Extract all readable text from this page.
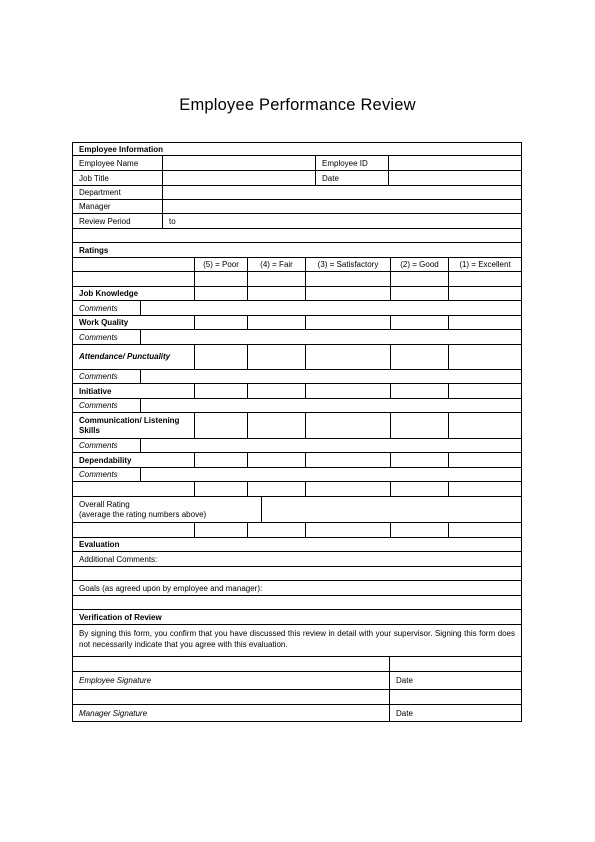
Employee Performance Review
Employee Information
Employee Name	Employee ID
Job Title	Date
Department
Manager
Review Period	to
Ratings
(5) = Poor	(4) = Fair	(3) = Satisfactory	(2) = Good	(1) = Excellent
Job Knowledge
Comments
Work Quality
Comments
Attendance/ Punctuality
Comments
Initiative
Comments
Communication/ Listening Skills
Comments
Dependability
Comments
Overall Rating
(average the rating numbers above)
Evaluation
Additional Comments:
Goals (as agreed upon by employee and manager):
Verification of Review
By signing this form, you confirm that you have discussed this review in detail with your supervisor. Signing this form does not necessarily indicate that you agree with this evaluation.
Employee Signature	Date
Manager Signature	Date
